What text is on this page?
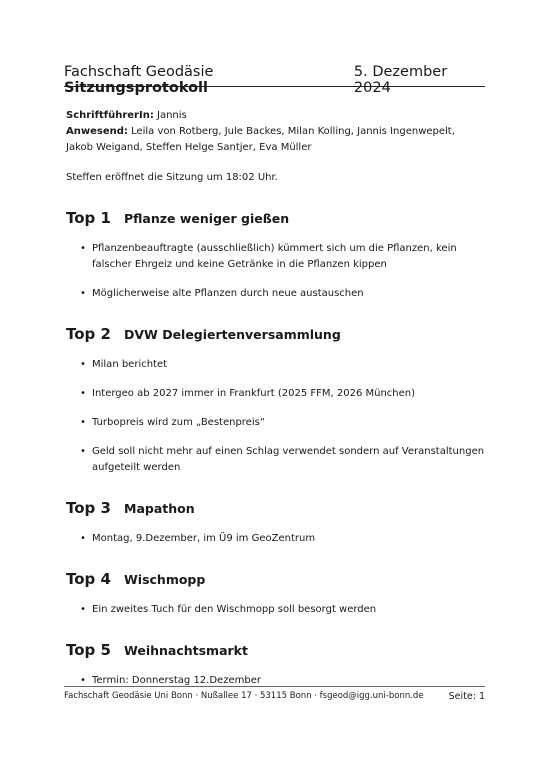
Fachschaft Geodäsie Sitzungsprotokoll
5. Dezember 2024

SchriftführerIn: Jannis

Anwesend: Leila von Rotberg, Jule Backes, Milan Kolling, Jannis Ingenwepelt, Jakob Weigand, Steffen Helge Santjer, Eva Müller

Steffen eröffnet die Sitzung um 18:02 Uhr.

Top 1	Pflanze weniger gießen
• Pflanzenbeauftragte (ausschließlich) kümmert sich um die Pflanzen, kein falscher Ehrgeiz und keine Getränke in die Pflanzen kippen
• Möglicherweise alte Pflanzen durch neue austauschen
Top 2	DVW Delegiertenversammlung
• Milan berichtet
• Intergeo ab 2027 immer in Frankfurt (2025 FFM, 2026 München)
• Turbopreis wird zum „Bestenpreis“
• Geld soll nicht mehr auf einen Schlag verwendet sondern auf Veranstaltungen aufgeteilt werden
Top 3	Mapathon
• Montag, 9.Dezember, im Ü9 im GeoZentrum
Top 4	Wischmopp
• Ein zweites Tuch für den Wischmopp soll besorgt werden
Top 5	Weihnachtsmarkt
• Termin: Donnerstag 12.Dezember
Fachschaft Geodäsie Uni Bonn · Nußallee 17 · 53115 Bonn · fsgeod@igg.uni-bonn.de	Seite: 1
